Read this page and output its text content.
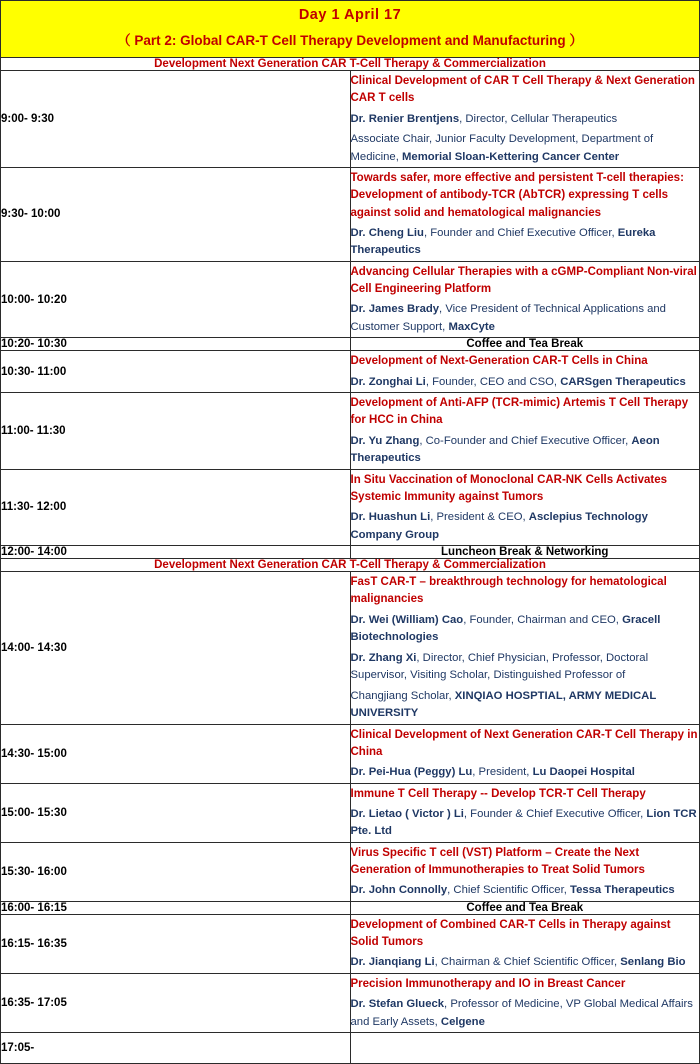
Day 1 April 17
（ Part 2: Global CAR-T Cell Therapy Development and Manufacturing ）
Development Next Generation CAR T-Cell Therapy & Commercialization	
9:00- 9:30	Clinical Development of CAR T Cell Therapy & Next Generation CAR T cells
Dr. Renier Brentjens, Director, Cellular Therapeutics
Associate Chair, Junior Faculty Development, Department of Medicine, Memorial Sloan-Kettering Cancer Center

9:30- 10:00	Towards safer, more effective and persistent T-cell therapies: Development of antibody-TCR (AbTCR) expressing T cells against solid and hematological malignancies
Dr. Cheng Liu, Founder and Chief Executive Officer, Eureka Therapeutics

10:00- 10:20	Advancing Cellular Therapies with a cGMP-Compliant Non-viral Cell Engineering Platform
Dr. James Brady, Vice President of Technical Applications and Customer Support, MaxCyte

10:20- 10:30	Coffee and Tea Break
10:30- 11:00	Development of Next-Generation CAR-T Cells in China
Dr. Zonghai Li, Founder, CEO and CSO, CARSgen Therapeutics

11:00- 11:30	Development of Anti-AFP (TCR-mimic) Artemis T Cell Therapy for HCC in China
Dr. Yu Zhang, Co-Founder and Chief Executive Officer, Aeon Therapeutics

11:30- 12:00	In Situ Vaccination of Monoclonal CAR-NK Cells Activates Systemic Immunity against Tumors
Dr. Huashun Li, President & CEO, Asclepius Technology Company Group

12:00- 14:00	Luncheon Break & Networking
Development Next Generation CAR T-Cell Therapy & Commercialization	
14:00- 14:30	FasT CAR-T – breakthrough technology for hematological malignancies
Dr. Wei (William) Cao, Founder, Chairman and CEO, Gracell Biotechnologies
Dr. Zhang Xi, Director, Chief Physician, Professor, Doctoral Supervisor, Visiting Scholar, Distinguished Professor of
Changjiang Scholar, XINQIAO HOSPTIAL, ARMY MEDICAL UNIVERSITY

14:30- 15:00	Clinical Development of Next Generation CAR-T Cell Therapy in China
Dr. Pei-Hua (Peggy) Lu, President, Lu Daopei Hospital

15:00- 15:30	Immune T Cell Therapy -- Develop TCR-T Cell Therapy
Dr. Lietao ( Victor ) Li, Founder & Chief Executive Officer, Lion TCR Pte. Ltd

15:30- 16:00	Virus Specific T cell (VST) Platform – Create the Next Generation of Immunotherapies to Treat Solid Tumors
Dr. John Connolly, Chief Scientific Officer, Tessa Therapeutics

16:00- 16:15	Coffee and Tea Break
16:15- 16:35	Development of Combined CAR-T Cells in Therapy against Solid Tumors
Dr. Jianqiang Li, Chairman & Chief Scientific Officer, Senlang Bio

16:35- 17:05	Precision Immunotherapy and IO in Breast Cancer
Dr. Stefan Glueck, Professor of Medicine, VP Global Medical Affairs and Early Assets, Celgene

17:05-	
